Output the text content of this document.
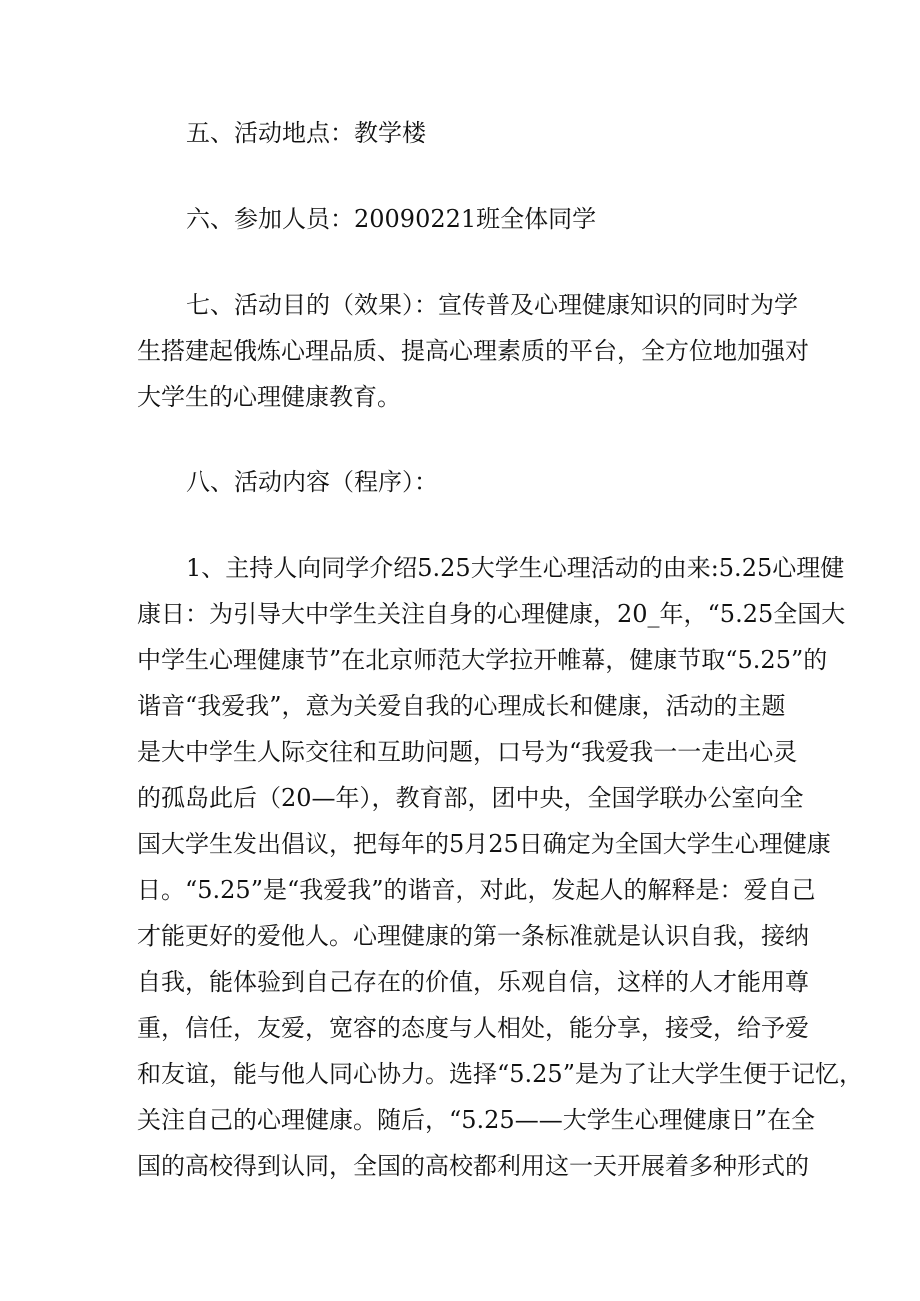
五、活动地点：教学楼
六、参加人员：20090221班全体同学
七、活动目的（效果）：宣传普及心理健康知识的同时为学
生搭建起俄炼心理品质、提高心理素质的平台，全方位地加强对
大学生的心理健康教育。
八、活动内容（程序）：
1、主持人向同学介绍5.25大学生心理活动的由来:5.25心理健
康日：为引导大中学生关注自身的心理健康，20_年，“5.25全国大
中学生心理健康节”在北京师范大学拉开帷幕，健康节取“5.25”的
谐音“我爱我”，意为关爱自我的心理成长和健康，活动的主题
是大中学生人际交往和互助问题，口号为“我爱我一一走出心灵
的孤岛此后（20—年），教育部，团中央，全国学联办公室向全
国大学生发出倡议，把每年的5月25日确定为全国大学生心理健康
日。“5.25”是“我爱我”的谐音，对此，发起人的解释是：爱自己
才能更好的爱他人。心理健康的第一条标准就是认识自我，接纳
自我，能体验到自己存在的价值，乐观自信，这样的人才能用尊
重，信任，友爱，宽容的态度与人相处，能分享，接受，给予爱
和友谊，能与他人同心协力。选择“5.25”是为了让大学生便于记忆，
关注自己的心理健康。随后，“5.25——大学生心理健康日”在全
国的高校得到认同，全国的高校都利用这一天开展着多种形式的
